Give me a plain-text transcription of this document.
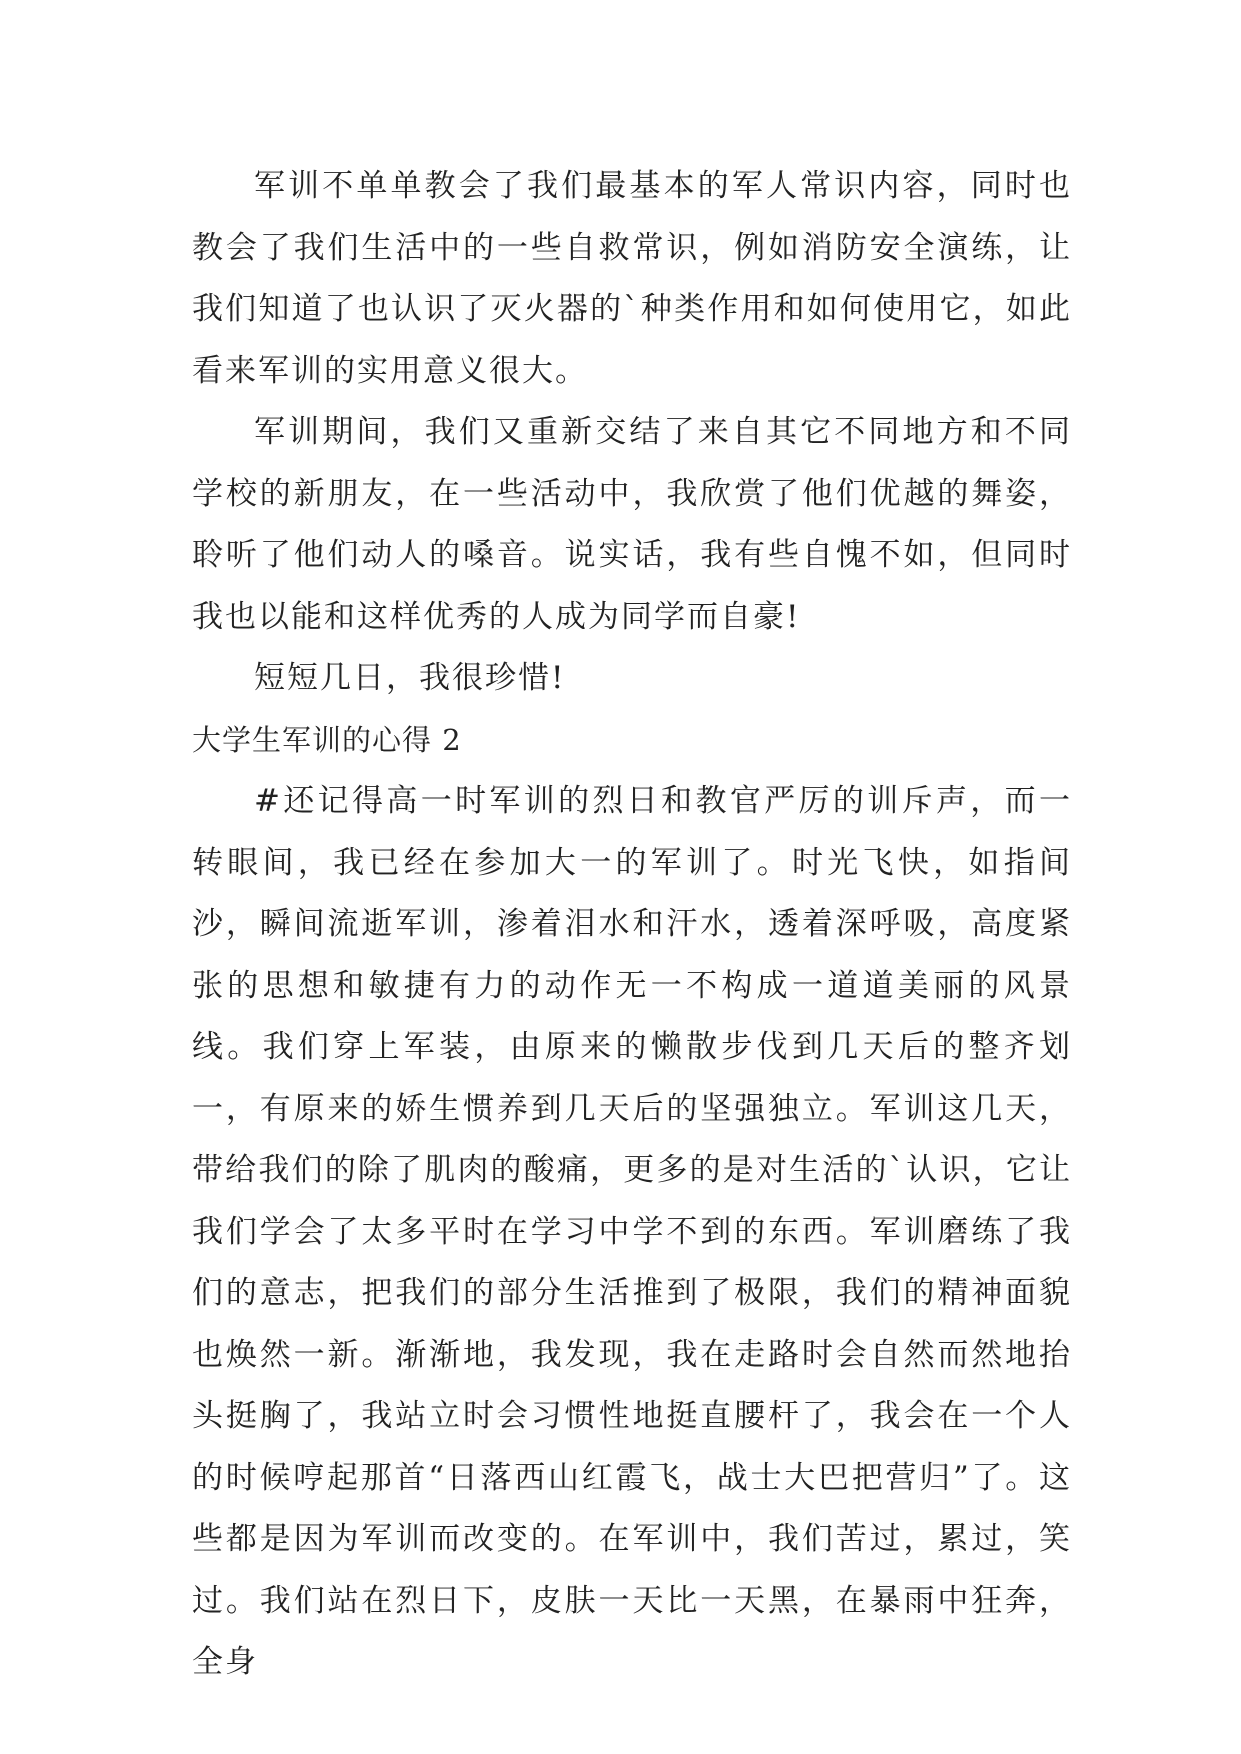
军训不单单教会了我们最基本的军人常识内容，同时也教会了我们生活中的一些自救常识，例如消防安全演练，让我们知道了也认识了灭火器的`种类作用和如何使用它，如此看来军训的实用意义很大。

军训期间，我们又重新交结了来自其它不同地方和不同学校的新朋友，在一些活动中，我欣赏了他们优越的舞姿，聆听了他们动人的嗓音。说实话，我有些自愧不如，但同时我也以能和这样优秀的人成为同学而自豪!

短短几日，我很珍惜!

大学生军训的心得 2

#还记得高一时军训的烈日和教官严厉的训斥声，而一转眼间，我已经在参加大一的军训了。时光飞快，如指间沙，瞬间流逝军训，渗着泪水和汗水，透着深呼吸，高度紧张的思想和敏捷有力的动作无一不构成一道道美丽的风景线。我们穿上军装，由原来的懒散步伐到几天后的整齐划一，有原来的娇生惯养到几天后的坚强独立。军训这几天，带给我们的除了肌肉的酸痛，更多的是对生活的`认识，它让我们学会了太多平时在学习中学不到的东西。军训磨练了我们的意志，把我们的部分生活推到了极限，我们的精神面貌也焕然一新。渐渐地，我发现，我在走路时会自然而然地抬头挺胸了，我站立时会习惯性地挺直腰杆了，我会在一个人的时候哼起那首“日落西山红霞飞，战士大巴把营归”了。这些都是因为军训而改变的。在军训中，我们苦过，累过，笑过。我们站在烈日下，皮肤一天比一天黑，在暴雨中狂奔，全身
